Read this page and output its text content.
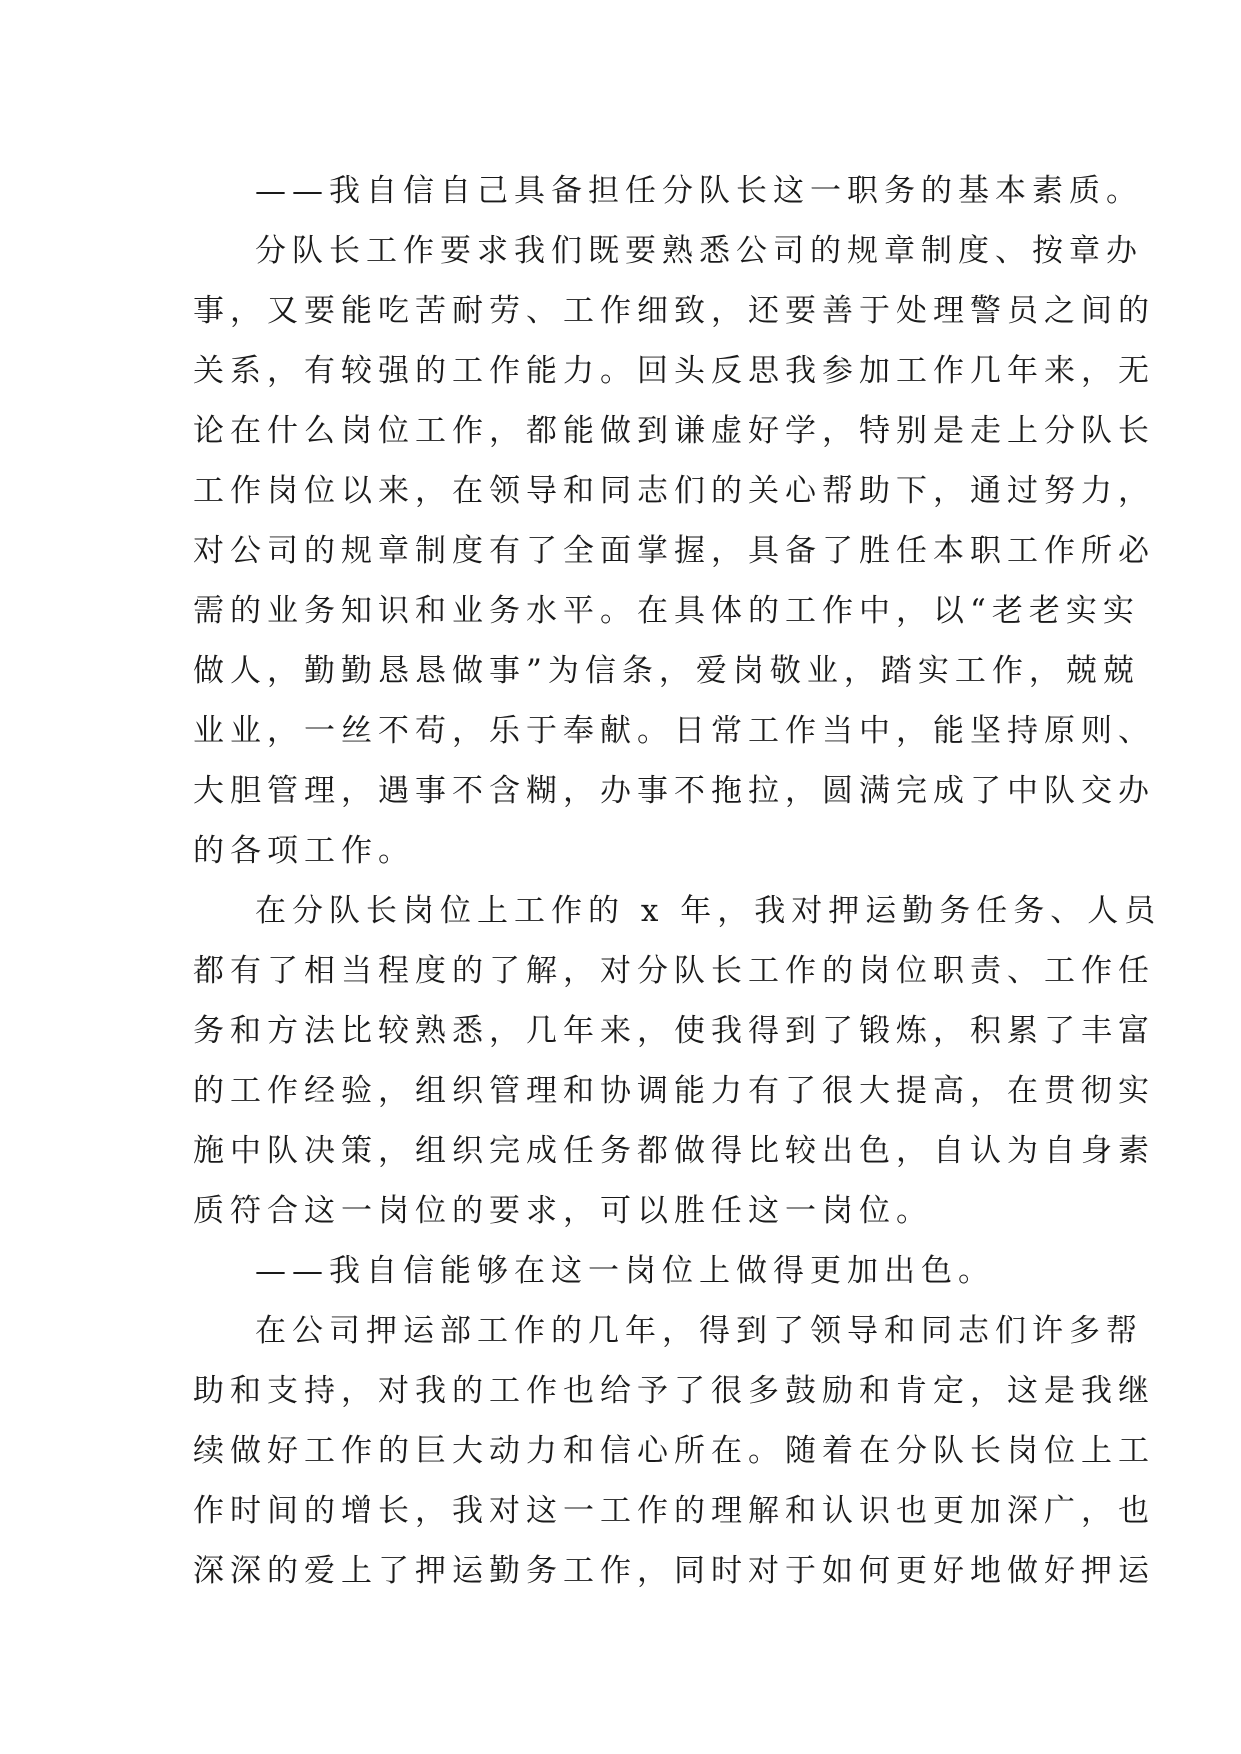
——我自信自己具备担任分队长这一职务的基本素质。
分队长工作要求我们既要熟悉公司的规章制度、按章办
事，又要能吃苦耐劳、工作细致，还要善于处理警员之间的
关系，有较强的工作能力。回头反思我参加工作几年来，无
论在什么岗位工作，都能做到谦虚好学，特别是走上分队长
工作岗位以来，在领导和同志们的关心帮助下，通过努力，
对公司的规章制度有了全面掌握，具备了胜任本职工作所必
需的业务知识和业务水平。在具体的工作中，以“老老实实
做人，勤勤恳恳做事”为信条，爱岗敬业，踏实工作，兢兢
业业，一丝不苟，乐于奉献。日常工作当中，能坚持原则、
大胆管理，遇事不含糊，办事不拖拉，圆满完成了中队交办
的各项工作。
在分队长岗位上工作的 x 年，我对押运勤务任务、人员
都有了相当程度的了解，对分队长工作的岗位职责、工作任
务和方法比较熟悉，几年来，使我得到了锻炼，积累了丰富
的工作经验，组织管理和协调能力有了很大提高，在贯彻实
施中队决策，组织完成任务都做得比较出色，自认为自身素
质符合这一岗位的要求，可以胜任这一岗位。
——我自信能够在这一岗位上做得更加出色。
在公司押运部工作的几年，得到了领导和同志们许多帮
助和支持，对我的工作也给予了很多鼓励和肯定，这是我继
续做好工作的巨大动力和信心所在。随着在分队长岗位上工
作时间的增长，我对这一工作的理解和认识也更加深广，也
深深的爱上了押运勤务工作，同时对于如何更好地做好押运
